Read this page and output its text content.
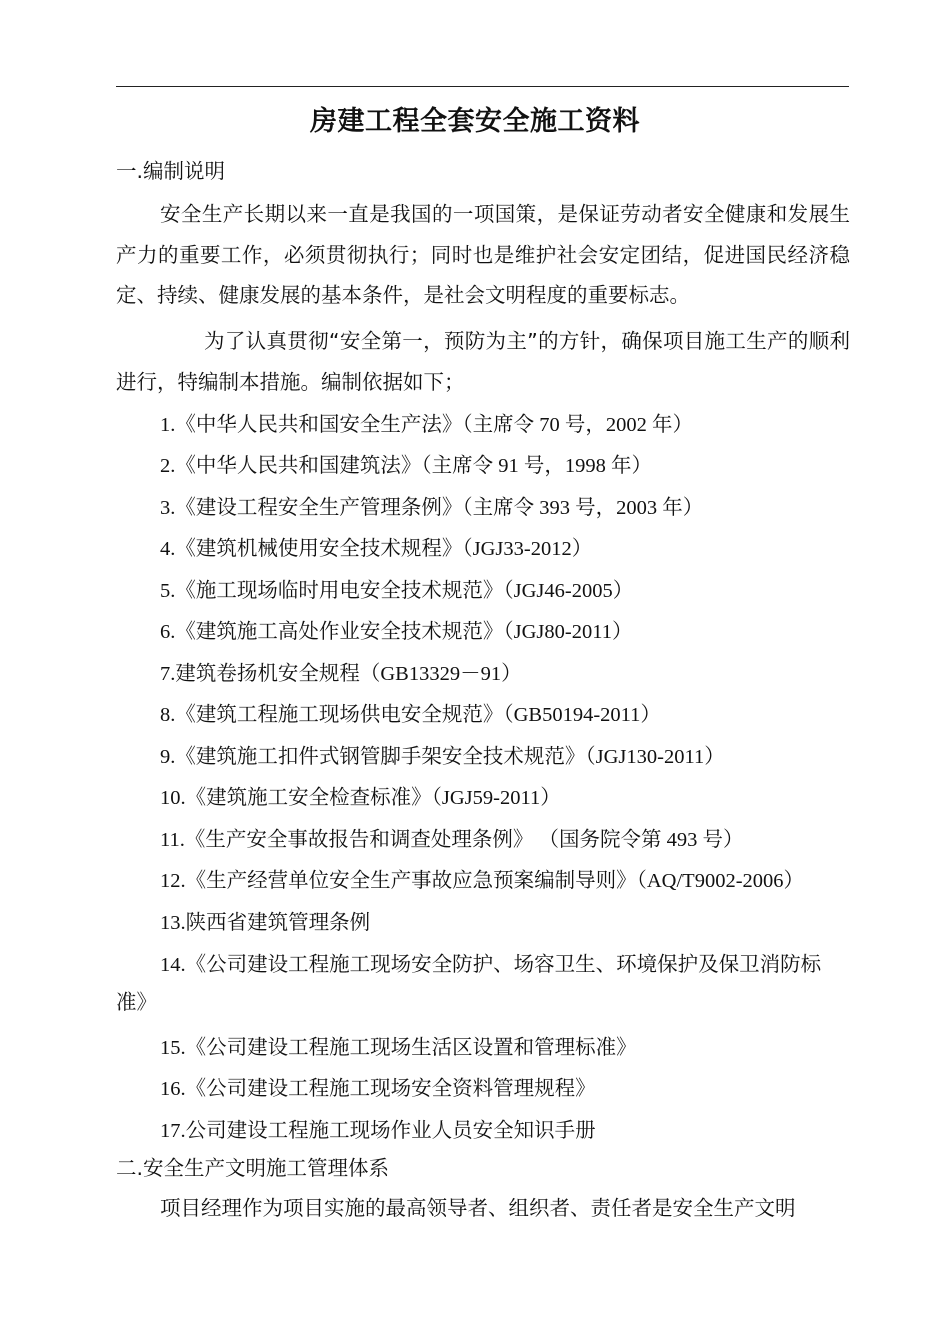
房建工程全套安全施工资料
一.编制说明
安全生产长期以来一直是我国的一项国策，是保证劳动者安全健康和发展生产力的重要工作，必须贯彻执行；同时也是维护社会安定团结，促进国民经济稳定、持续、健康发展的基本条件，是社会文明程度的重要标志。
为了认真贯彻“安全第一，预防为主”的方针，确保项目施工生产的顺利进行，特编制本措施。编制依据如下；
1.《中华人民共和国安全生产法》（主席令 70 号，2002 年）
2.《中华人民共和国建筑法》（主席令 91 号，1998 年）
3.《建设工程安全生产管理条例》（主席令 393 号，2003 年）
4.《建筑机械使用安全技术规程》（JGJ33-2012）
5.《施工现场临时用电安全技术规范》（JGJ46-2005）
6.《建筑施工高处作业安全技术规范》（JGJ80-2011）
7.建筑卷扬机安全规程（GB13329－91）
8.《建筑工程施工现场供电安全规范》（GB50194-2011）
9.《建筑施工扣件式钢管脚手架安全技术规范》（JGJ130-2011）
10.《建筑施工安全检查标准》（JGJ59-2011）
11.《生产安全事故报告和调查处理条例》 （国务院令第 493 号）
12.《生产经营单位安全生产事故应急预案编制导则》（AQ/T9002-2006）
13.陕西省建筑管理条例
14.《公司建设工程施工现场安全防护、场容卫生、环境保护及保卫消防标准》
15.《公司建设工程施工现场生活区设置和管理标准》
16.《公司建设工程施工现场安全资料管理规程》
17.公司建设工程施工现场作业人员安全知识手册
二.安全生产文明施工管理体系
项目经理作为项目实施的最高领导者、组织者、责任者是安全生产文明
